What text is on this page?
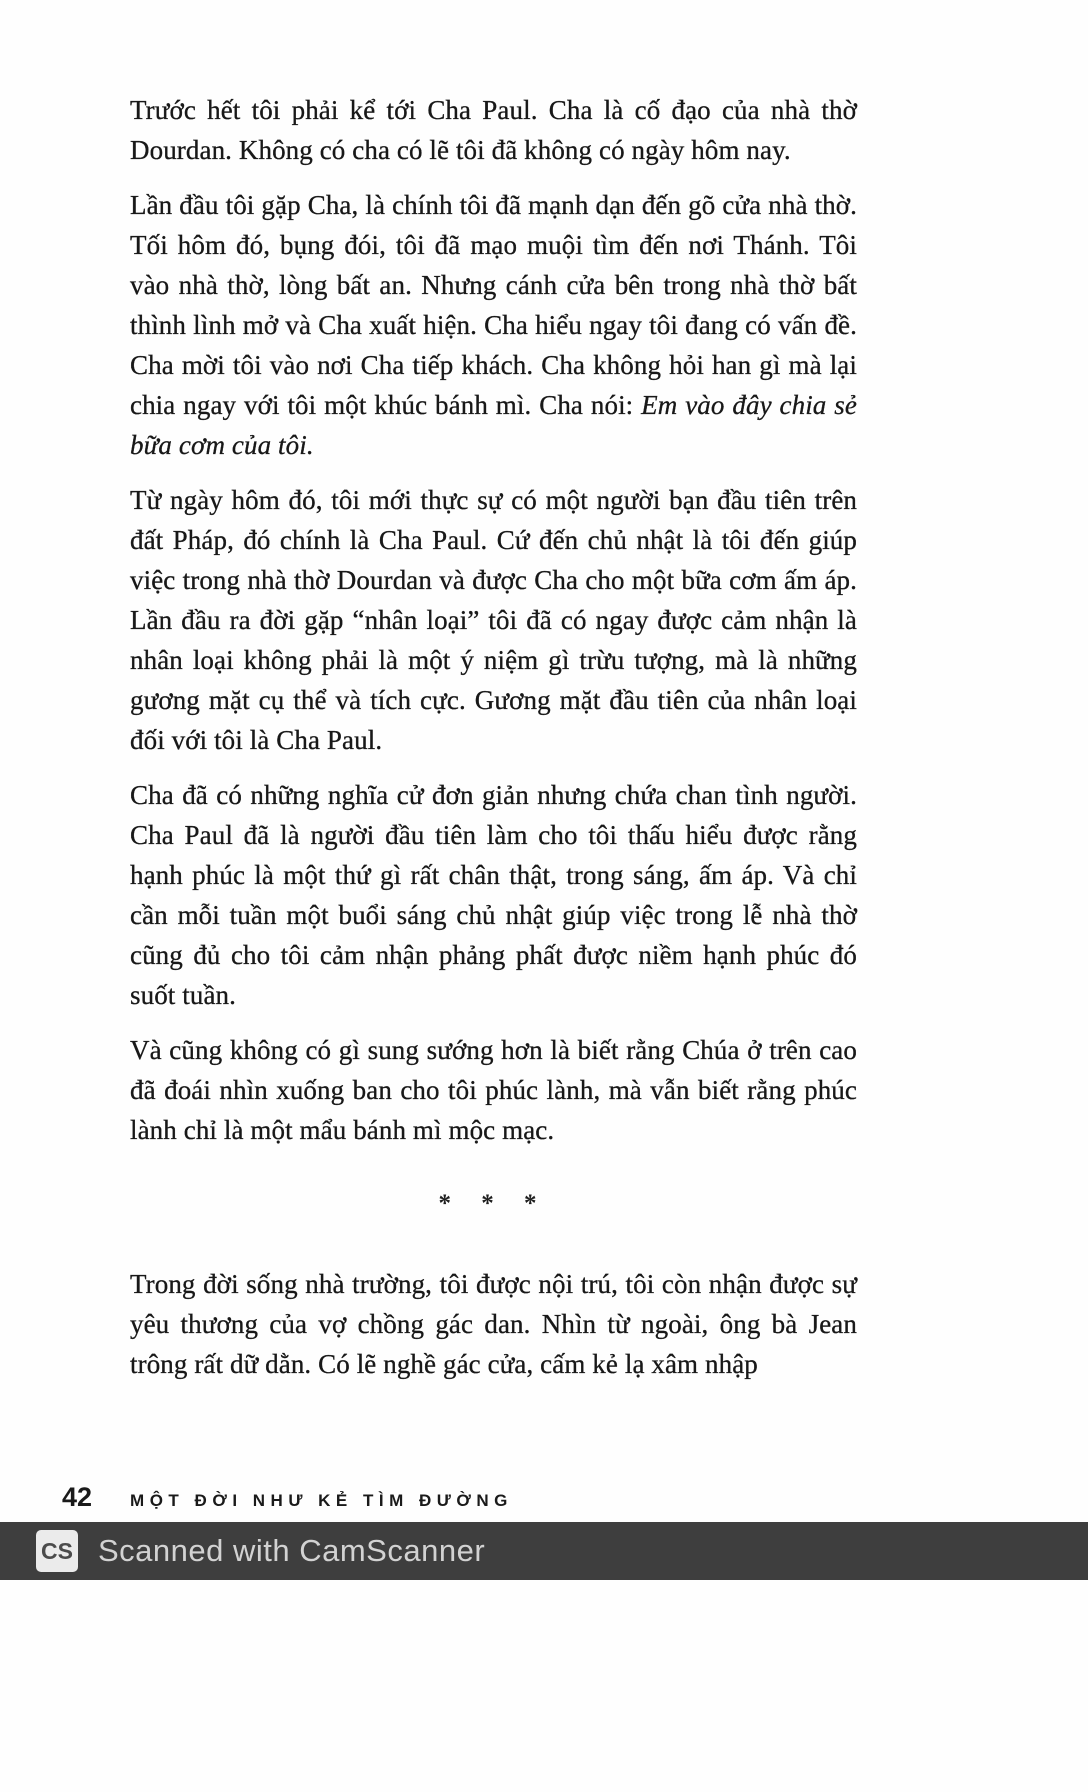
Trước hết tôi phải kể tới Cha Paul. Cha là cố đạo của nhà thờ Dourdan. Không có cha có lẽ tôi đã không có ngày hôm nay.

Lần đầu tôi gặp Cha, là chính tôi đã mạnh dạn đến gõ cửa nhà thờ. Tối hôm đó, bụng đói, tôi đã mạo muội tìm đến nơi Thánh. Tôi vào nhà thờ, lòng bất an. Nhưng cánh cửa bên trong nhà thờ bất thình lình mở và Cha xuất hiện. Cha hiểu ngay tôi đang có vấn đề. Cha mời tôi vào nơi Cha tiếp khách. Cha không hỏi han gì mà lại chia ngay với tôi một khúc bánh mì. Cha nói: Em vào đây chia sẻ bữa cơm của tôi.

Từ ngày hôm đó, tôi mới thực sự có một người bạn đầu tiên trên đất Pháp, đó chính là Cha Paul. Cứ đến chủ nhật là tôi đến giúp việc trong nhà thờ Dourdan và được Cha cho một bữa cơm ấm áp. Lần đầu ra đời gặp “nhân loại” tôi đã có ngay được cảm nhận là nhân loại không phải là một ý niệm gì trừu tượng, mà là những gương mặt cụ thể và tích cực. Gương mặt đầu tiên của nhân loại đối với tôi là Cha Paul.

Cha đã có những nghĩa cử đơn giản nhưng chứa chan tình người. Cha Paul đã là người đầu tiên làm cho tôi thấu hiểu được rằng hạnh phúc là một thứ gì rất chân thật, trong sáng, ấm áp. Và chỉ cần mỗi tuần một buổi sáng chủ nhật giúp việc trong lễ nhà thờ cũng đủ cho tôi cảm nhận phảng phất được niềm hạnh phúc đó suốt tuần.

Và cũng không có gì sung sướng hơn là biết rằng Chúa ở trên cao đã đoái nhìn xuống ban cho tôi phúc lành, mà vẫn biết rằng phúc lành chỉ là một mẩu bánh mì mộc mạc.

* * *

Trong đời sống nhà trường, tôi được nội trú, tôi còn nhận được sự yêu thương của vợ chồng gác dan. Nhìn từ ngoài, ông bà Jean trông rất dữ dằn. Có lẽ nghề gác cửa, cấm kẻ lạ xâm nhập

42 MỘT ĐỜI NHƯ KẺ TÌM ĐƯỜNG
CS Scanned with CamScanner
